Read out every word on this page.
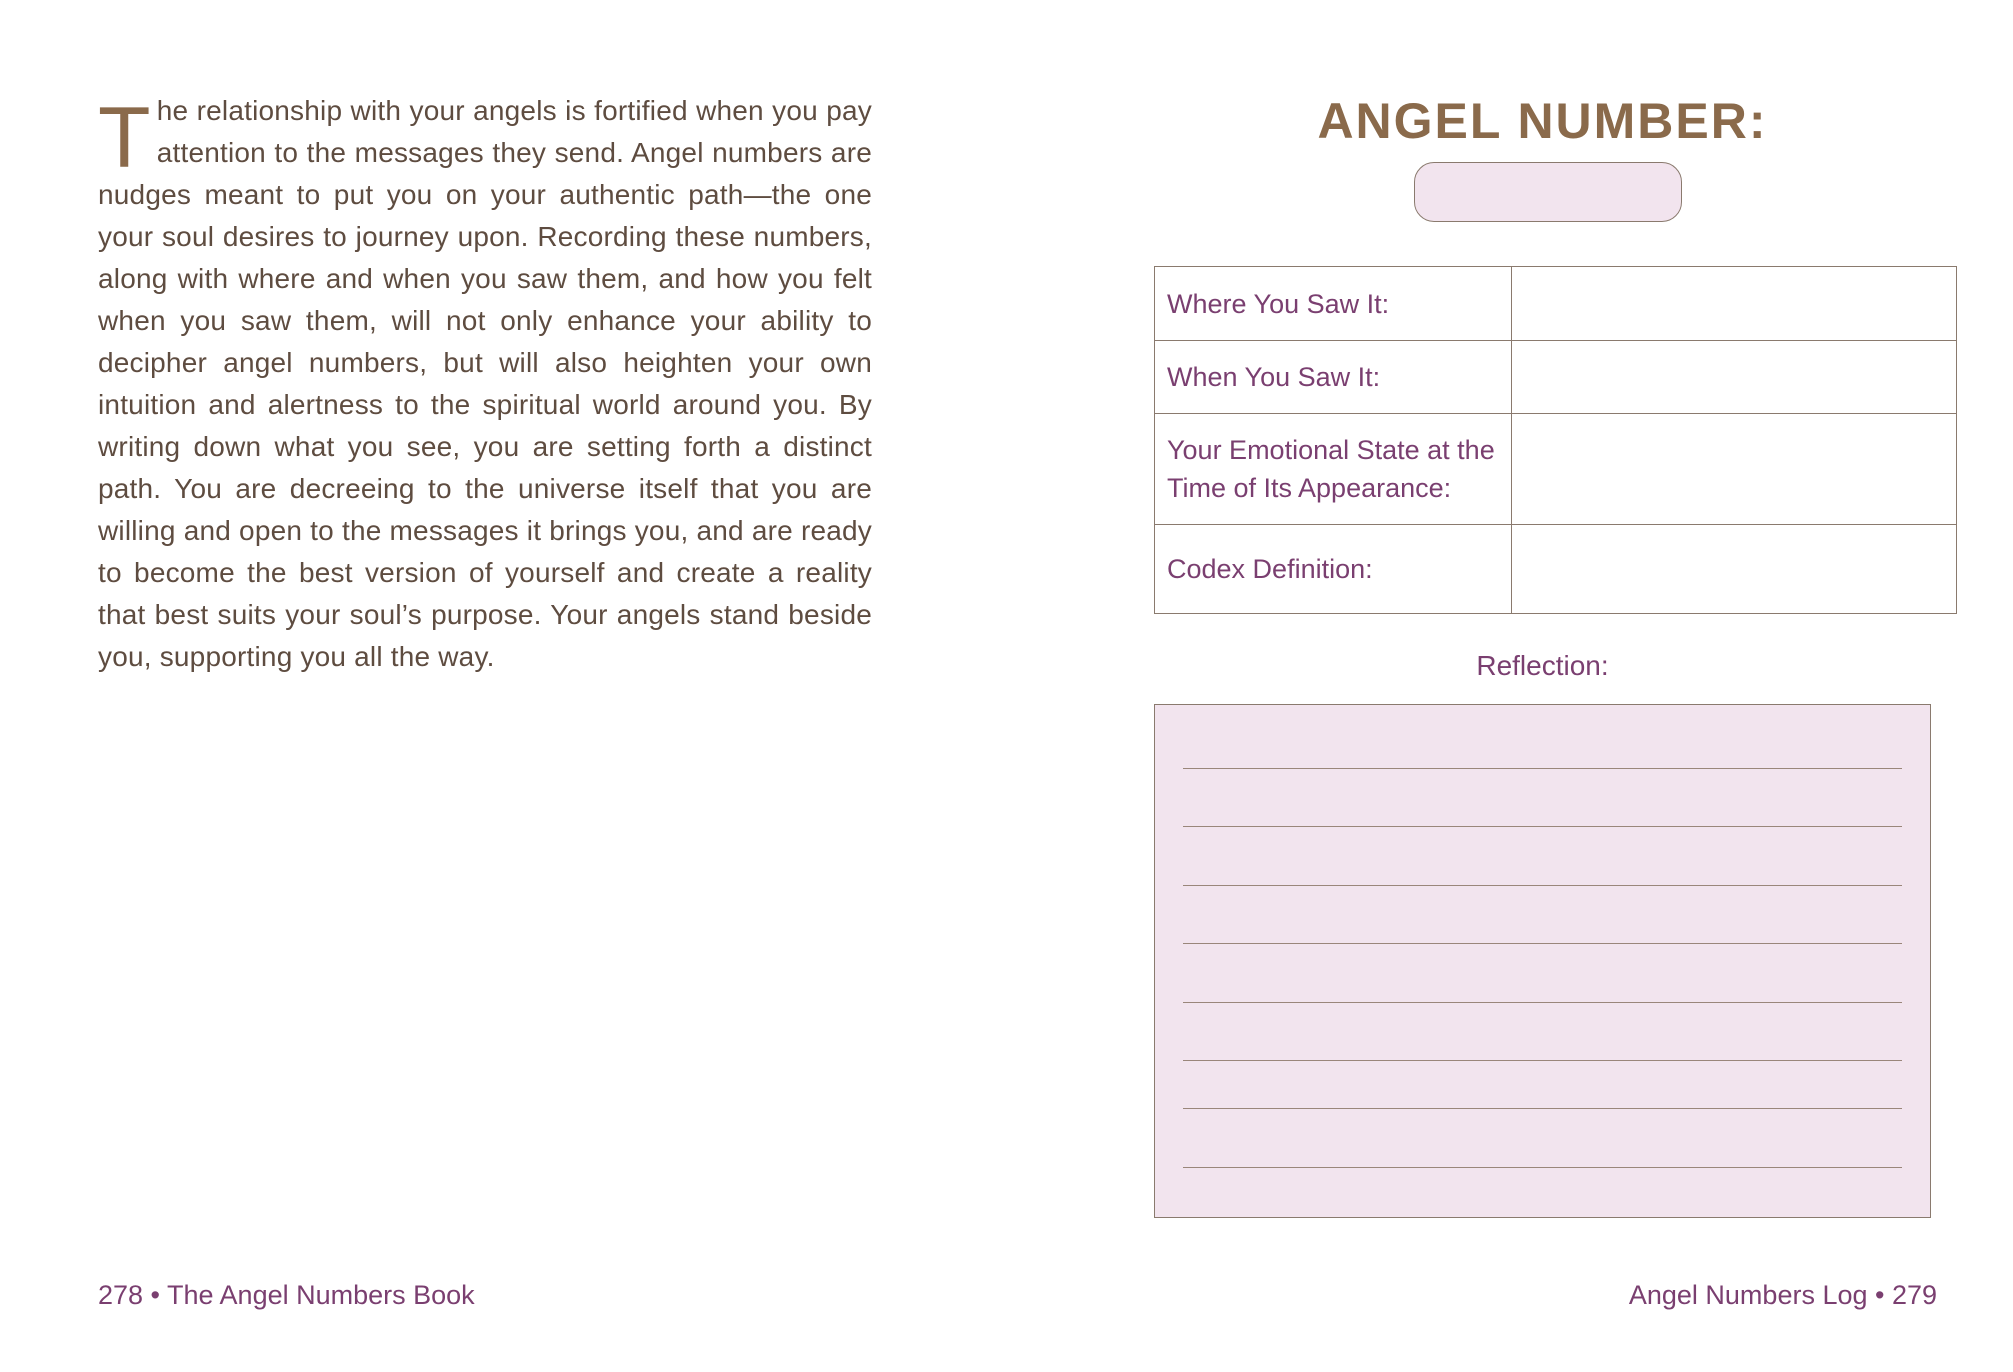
The relationship with your angels is fortified when you pay attention to the messages they send. Angel numbers are nudges meant to put you on your authentic path—the one your soul desires to journey upon. Recording these numbers, along with where and when you saw them, and how you felt when you saw them, will not only enhance your ability to decipher angel numbers, but will also heighten your own intuition and alertness to the spiritual world around you. By writing down what you see, you are setting forth a distinct path. You are decreeing to the universe itself that you are willing and open to the messages it brings you, and are ready to become the best version of yourself and create a reality that best suits your soul’s purpose. Your angels stand beside you, supporting you all the way.

278 • The Angel Numbers Book
ANGEL NUMBER:
Where You Saw It:	
When You Saw It:	
Your Emotional State at the Time of Its Appearance:	
Codex Definition:	
Reflection:
Angel Numbers Log • 279
